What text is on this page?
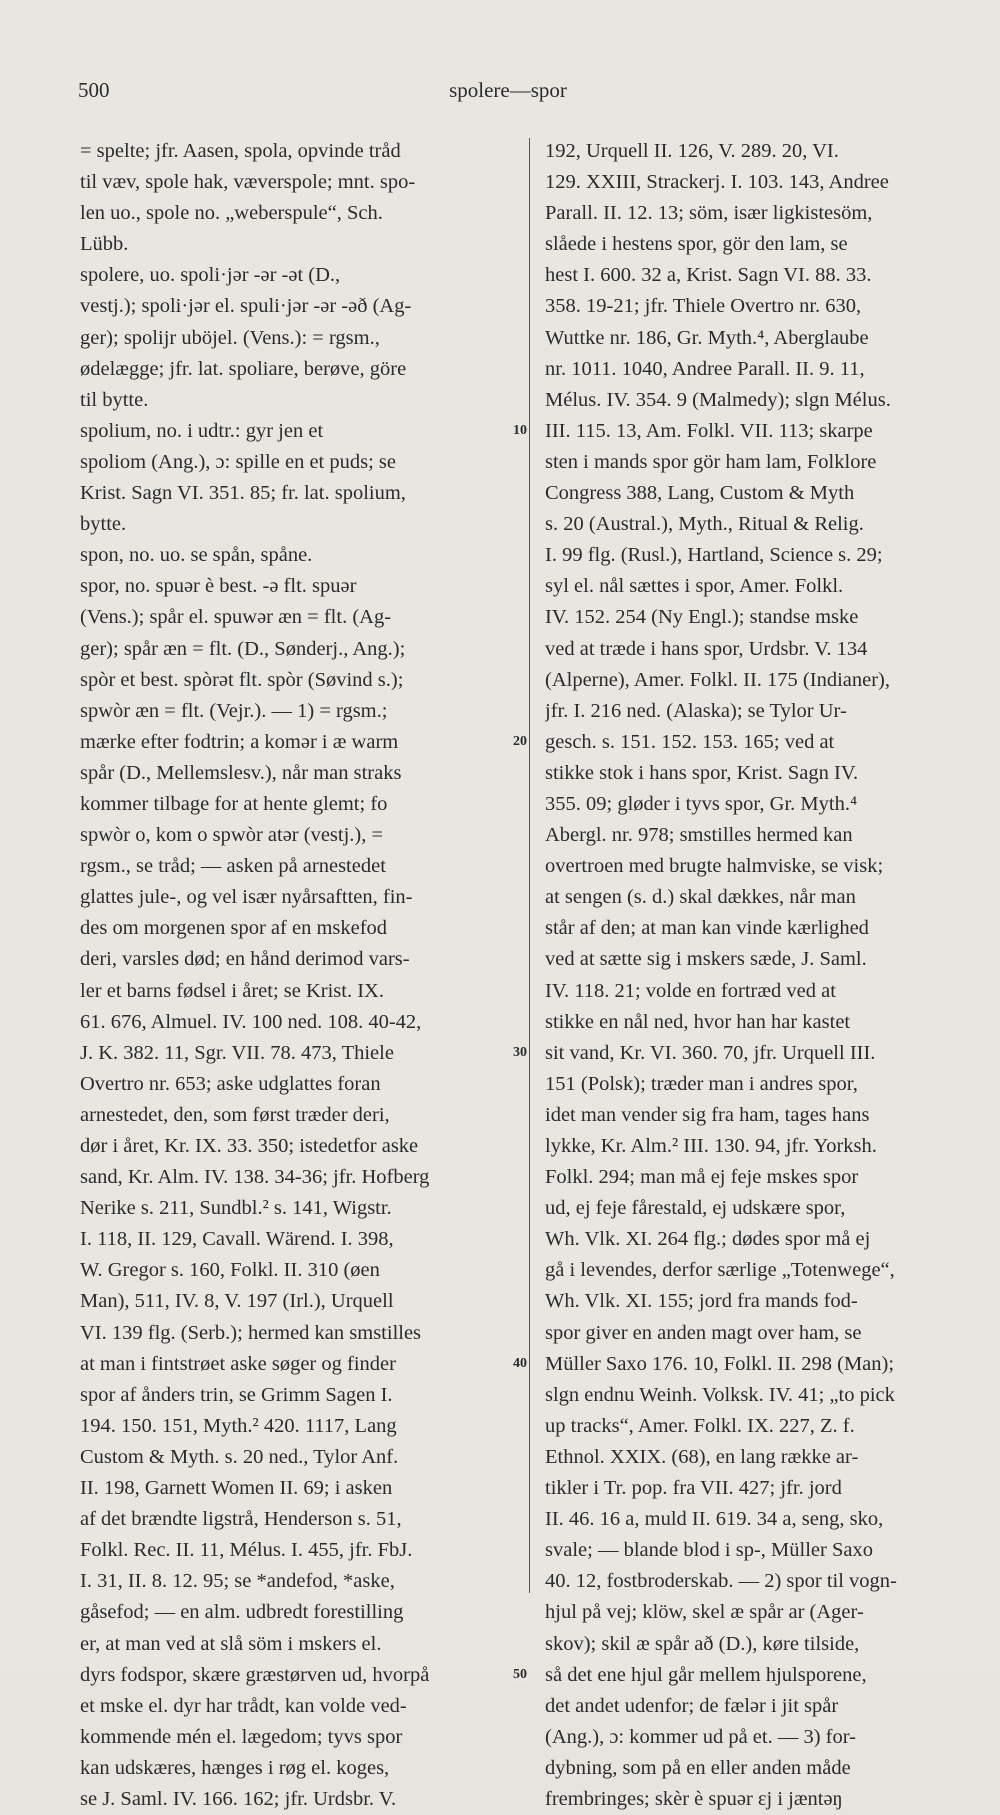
500	spolere—spor
= spelte; jfr. Aasen, spola, opvinde tråd
til væv, spole hak, væverspole; mnt. spo-
len uo., spole no. „weberspule“, Sch.
Lübb.
spolere, uo. spoli·jər -ər -ət (D.,
vestj.); spoli·jər el. spuli·jər -ər -əð (Ag-
ger); spolijr uböjel. (Vens.): = rgsm.,
ødelægge; jfr. lat. spoliare, berøve, göre
til bytte.
spolium, no. i udtr.: gyr jen et
spoliom (Ang.), ɔ: spille en et puds; se
Krist. Sagn VI. 351. 85; fr. lat. spolium,
bytte.
spon, no. uo. se spån, spåne.
spor, no. spuər è best. -ə flt. spuər
(Vens.); spår el. spuwər æn = flt. (Ag-
ger); spår æn = flt. (D., Sønderj., Ang.);
spòr et best. spòrət flt. spòr (Søvind s.);
spwòr æn = flt. (Vejr.). — 1) = rgsm.;
mærke efter fodtrin; a komər i æ warm
spår (D., Mellemslesv.), når man straks
kommer tilbage for at hente glemt; fo
spwòr o, kom o spwòr atər (vestj.), =
rgsm., se tråd; — asken på arnestedet
glattes jule-, og vel især nyårsaftten, fin-
des om morgenen spor af en mskefod
deri, varsles død; en hånd derimod vars-
ler et barns fødsel i året; se Krist. IX.
61. 676, Almuel. IV. 100 ned. 108. 40-42,
J. K. 382. 11, Sgr. VII. 78. 473, Thiele
Overtro nr. 653; aske udglattes foran
arnestedet, den, som først træder deri,
dør i året, Kr. IX. 33. 350; istedetfor aske
sand, Kr. Alm. IV. 138. 34-36; jfr. Hofberg
Nerike s. 211, Sundbl.² s. 141, Wigstr.
I. 118, II. 129, Cavall. Wärend. I. 398,
W. Gregor s. 160, Folkl. II. 310 (øen
Man), 511, IV. 8, V. 197 (Irl.), Urquell
VI. 139 flg. (Serb.); hermed kan smstilles
at man i fintstrøet aske søger og finder
spor af ånders trin, se Grimm Sagen I.
194. 150. 151, Myth.² 420. 1117, Lang
Custom & Myth. s. 20 ned., Tylor Anf.
II. 198, Garnett Women II. 69; i asken
af det brændte ligstrå, Henderson s. 51,
Folkl. Rec. II. 11, Mélus. I. 455, jfr. FbJ.
I. 31, II. 8. 12. 95; se *andefod, *aske,
gåsefod; — en alm. udbredt forestilling
er, at man ved at slå söm i mskers el.
dyrs fodspor, skære græstørven ud, hvorpå
et mske el. dyr har trådt, kan volde ved-
kommende mén el. lægedom; tyvs spor
kan udskæres, hænges i røg el. koges,
se J. Saml. IV. 166. 162; jfr. Urdsbr. V.
192, Urquell II. 126, V. 289. 20, VI.
129. XXIII, Strackerj. I. 103. 143, Andree
Parall. II. 12. 13; söm, især ligkistesöm,
slåede i hestens spor, gör den lam, se
hest I. 600. 32 a, Krist. Sagn VI. 88. 33.
358. 19-21; jfr. Thiele Overtro nr. 630,
Wuttke nr. 186, Gr. Myth.⁴, Aberglaube
nr. 1011. 1040, Andree Parall. II. 9. 11,
Mélus. IV. 354. 9 (Malmedy); slgn Mélus.
III. 115. 13, Am. Folkl. VII. 113; skarpe
sten i mands spor gör ham lam, Folklore
Congress 388, Lang, Custom & Myth
s. 20 (Austral.), Myth., Ritual & Relig.
I. 99 flg. (Rusl.), Hartland, Science s. 29;
syl el. nål sættes i spor, Amer. Folkl.
IV. 152. 254 (Ny Engl.); standse mske
ved at træde i hans spor, Urdsbr. V. 134
(Alperne), Amer. Folkl. II. 175 (Indianer),
jfr. I. 216 ned. (Alaska); se Tylor Ur-
gesch. s. 151. 152. 153. 165; ved at
stikke stok i hans spor, Krist. Sagn IV.
355. 09; gløder i tyvs spor, Gr. Myth.⁴
Abergl. nr. 978; smstilles hermed kan
overtroen med brugte halmviske, se visk;
at sengen (s. d.) skal dækkes, når man
står af den; at man kan vinde kærlighed
ved at sætte sig i mskers sæde, J. Saml.
IV. 118. 21; volde en fortræd ved at
stikke en nål ned, hvor han har kastet
sit vand, Kr. VI. 360. 70, jfr. Urquell III.
151 (Polsk); træder man i andres spor,
idet man vender sig fra ham, tages hans
lykke, Kr. Alm.² III. 130. 94, jfr. Yorksh.
Folkl. 294; man må ej feje mskes spor
ud, ej feje fårestald, ej udskære spor,
Wh. Vlk. XI. 264 flg.; dødes spor må ej
gå i levendes, derfor særlige „Totenwege“,
Wh. Vlk. XI. 155; jord fra mands fod-
spor giver en anden magt over ham, se
Müller Saxo 176. 10, Folkl. II. 298 (Man);
slgn endnu Weinh. Volksk. IV. 41; „to pick
up tracks“, Amer. Folkl. IX. 227, Z. f.
Ethnol. XXIX. (68), en lang række ar-
tikler i Tr. pop. fra VII. 427; jfr. jord
II. 46. 16 a, muld II. 619. 34 a, seng, sko,
svale; — blande blod i sp-, Müller Saxo
40. 12, fostbroderskab. — 2) spor til vogn-
hjul på vej; klöw, skel æ spår ar (Ager-
skov); skil æ spår að (D.), køre tilside,
så det ene hjul går mellem hjulsporene,
det andet udenfor; de fælər i jit spår
(Ang.), ɔ: kommer ud på et. — 3) for-
dybning, som på en eller anden måde
frembringes; skèr è spuər ɛj i jæntəŋ
10
20
30
40
50
